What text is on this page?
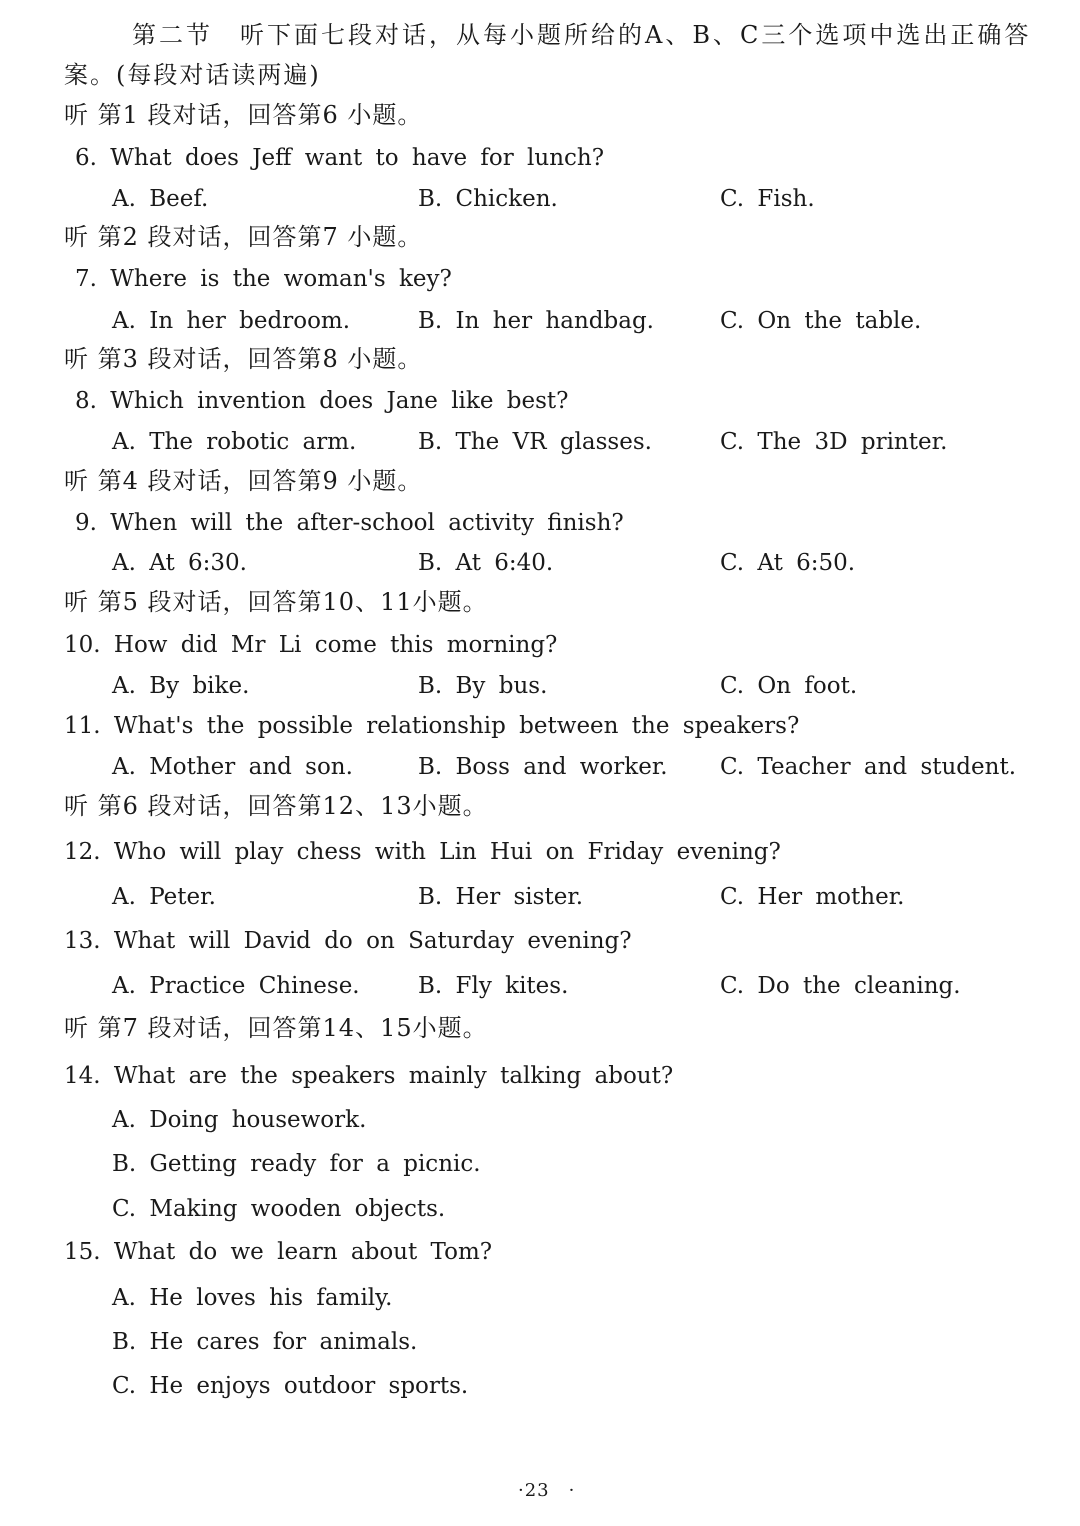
第二节　听下面七段对话，从每小题所给的A、B、C三个选项中选出正确答
案。(每段对话读两遍)
听 第1 段对话，回答第6 小题。
6. What does Jeff want to have for lunch?
A. Beef.	B. Chicken.	C. Fish.
听 第2 段对话，回答第7 小题。
7. Where is the woman's key?
A. In her bedroom.	B. In her handbag.	C. On the table.
听 第3 段对话，回答第8 小题。
8. Which invention does Jane like best?
A. The robotic arm.	B. The VR glasses.	C. The 3D printer.
听 第4 段对话，回答第9 小题。
9. When will the after-school activity finish?
A. At 6:30.	B. At 6:40.	C. At 6:50.
听 第5 段对话，回答第10、11小题。
10. How did Mr Li come this morning?
A. By bike.	B. By bus.	C. On foot.
11. What's the possible relationship between the speakers?
A. Mother and son.	B. Boss and worker. C. Teacher and student.
听 第6 段对话，回答第12、13小题。
12. Who will play chess with Lin Hui on Friday evening?
A. Peter.	B. Her sister.	C. Her mother.
13. What will David do on Saturday evening?
A. Practice Chinese.	B. Fly kites.	C. Do the cleaning.
听 第7 段对话，回答第14、15小题。
14. What are the speakers mainly talking about?
A. Doing housework.
B. Getting ready for a picnic.
C. Making wooden objects.
15. What do we learn about Tom?
A. He loves his family.
B. He cares for animals.
C. He enjoys outdoor sports.
·23　·
